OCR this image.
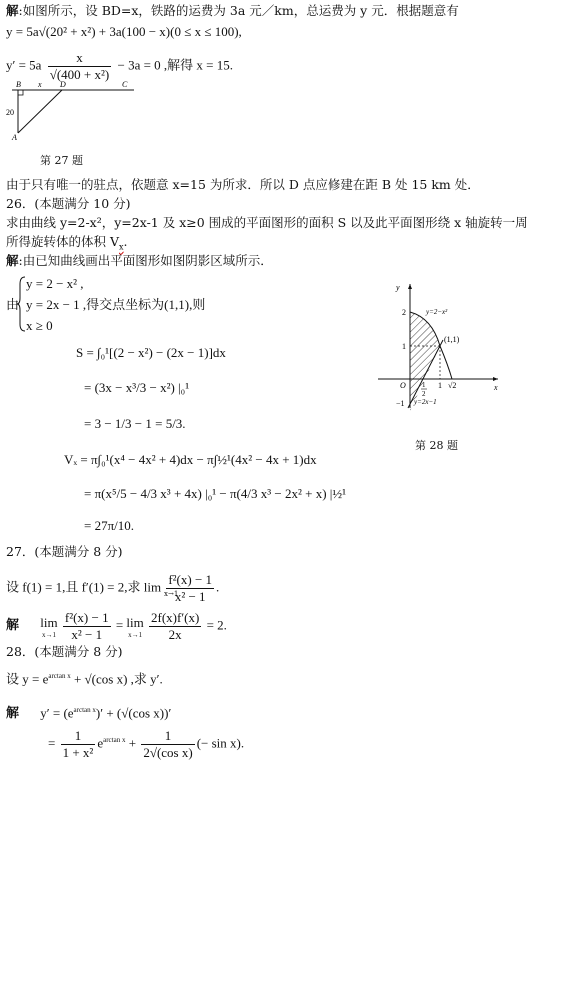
解:如图所示，设 BD=x，铁路的运费为 3a 元／km，总运费为 y 元．根据题意有
y = 5a√(20² + x²) + 3a(100 − x)(0 ≤ x ≤ 100),
$y' = 5a \frac{x}{\text{√(400 + x²)}} - 3a = 0$ ,解得 x = 15.
B x D	C
20
A
第 27 题
由于只有唯一的驻点，依题意 x=15 为所求．所以 D 点应修建在距 B 处 15 km 处．
26．(本题满分 10 分)
求由曲线 y=2-x²，y=2x-1 及 x≥0 围成的平面图形的面积 S 以及此平面图形绕 x 轴旋转一周
所得旋转体的体积 $V_x$.
解:由已知曲线画出平面图形如图阴影区域所示．
由
y = 2 − x² ,
y = 2x − 1 ,得交点坐标为(1,1),则
x ≥ 0
S = ∫₀¹[(2 − x²) − (2x − 1)]dx
= (3x − x³/3 − x²) |₀¹
= 3 − 1/3 − 1 = 5/3.
Vₓ = π∫₀¹(x⁴ − 4x² + 4)dx − π∫½¹(4x² − 4x + 1)dx
= π(x⁵/5 − 4/3 x³ + 4x) |₀¹ − π(4/3 x³ − 2x² + x) |½¹
= 27π/10.
y
x
O
2
1
−1
1
2
1 √2
(1,1)
y=2−x²
y=2x−1
第 28 题
27．(本题满分 8 分)
设 f(1) = 1,且 f′(1) = 2,求 $\lim \frac{\text{f²(x) − 1}}{\text{x² − 1}}$ .
x→1
解 lim
x→1
$\frac{\text{f²(x) − 1}}{\text{x² − 1}} = \lim$
x→1
$\frac{2f(x)f'(x)}{2x} = 2$.
28．(本题满分 8 分)
设 $y = e^{arctan x} + √(\cos$ x) ,求 y′.
解 $y' = (e^{arctan x})' + (√(\cos$ x))′
= $\frac{1}{\text{1 + x²}} e^{arctan x} + \frac{1}{\text{2√(cos x)}}$ (− sin x).
